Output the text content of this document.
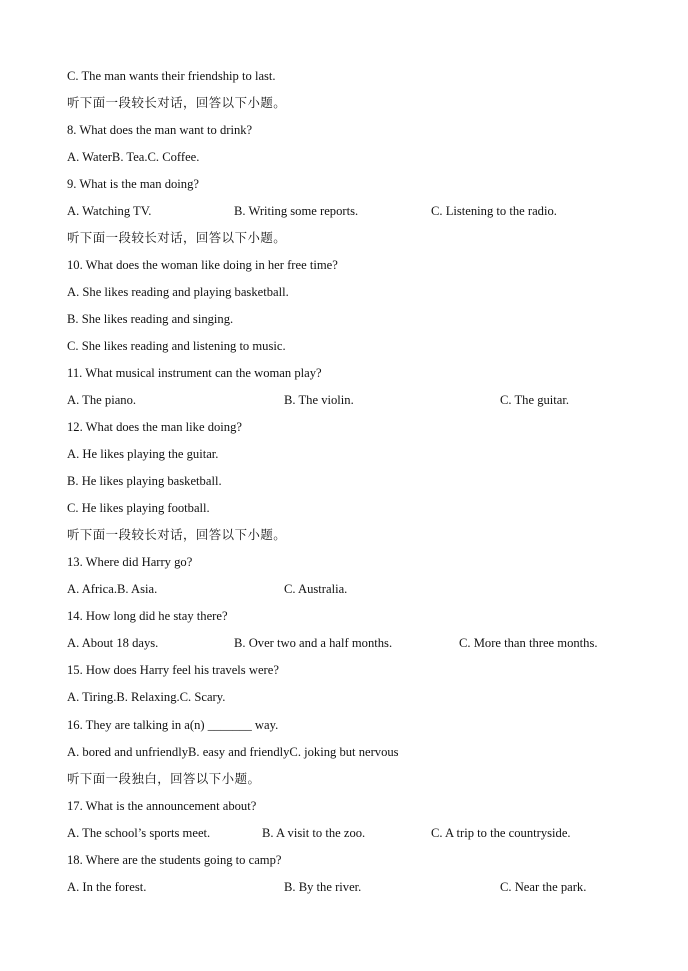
C. The man wants their friendship to last.
听下面一段较长对话，回答以下小题。
8. What does the man want to drink?
A. WaterB. Tea.C. Coffee.
9. What is the man doing?
A. Watching TV.	B. Writing some reports.	C. Listening to the radio.
听下面一段较长对话，回答以下小题。
10. What does the woman like doing in her free time?
A. She likes reading and playing basketball.
B. She likes reading and singing.
C. She likes reading and listening to music.
11. What musical instrument can the woman play?
A. The piano.	B. The violin.	C. The guitar.
12. What does the man like doing?
A. He likes playing the guitar.
B. He likes playing basketball.
C. He likes playing football.
听下面一段较长对话，回答以下小题。
13. Where did Harry go?
A. Africa.B. Asia.	C. Australia.
14. How long did he stay there?
A. About 18 days.	B. Over two and a half months.	C. More than three months.
15. How does Harry feel his travels were?
A. Tiring.B. Relaxing.C. Scary.
16. They are talking in a(n) _______ way.
A. bored and unfriendlyB. easy and friendlyC. joking but nervous
听下面一段独白，回答以下小题。
17. What is the announcement about?
A. The school’s sports meet.	B. A visit to the zoo.	C. A trip to the countryside.
18. Where are the students going to camp?
A. In the forest.	B. By the river.	C. Near the park.
